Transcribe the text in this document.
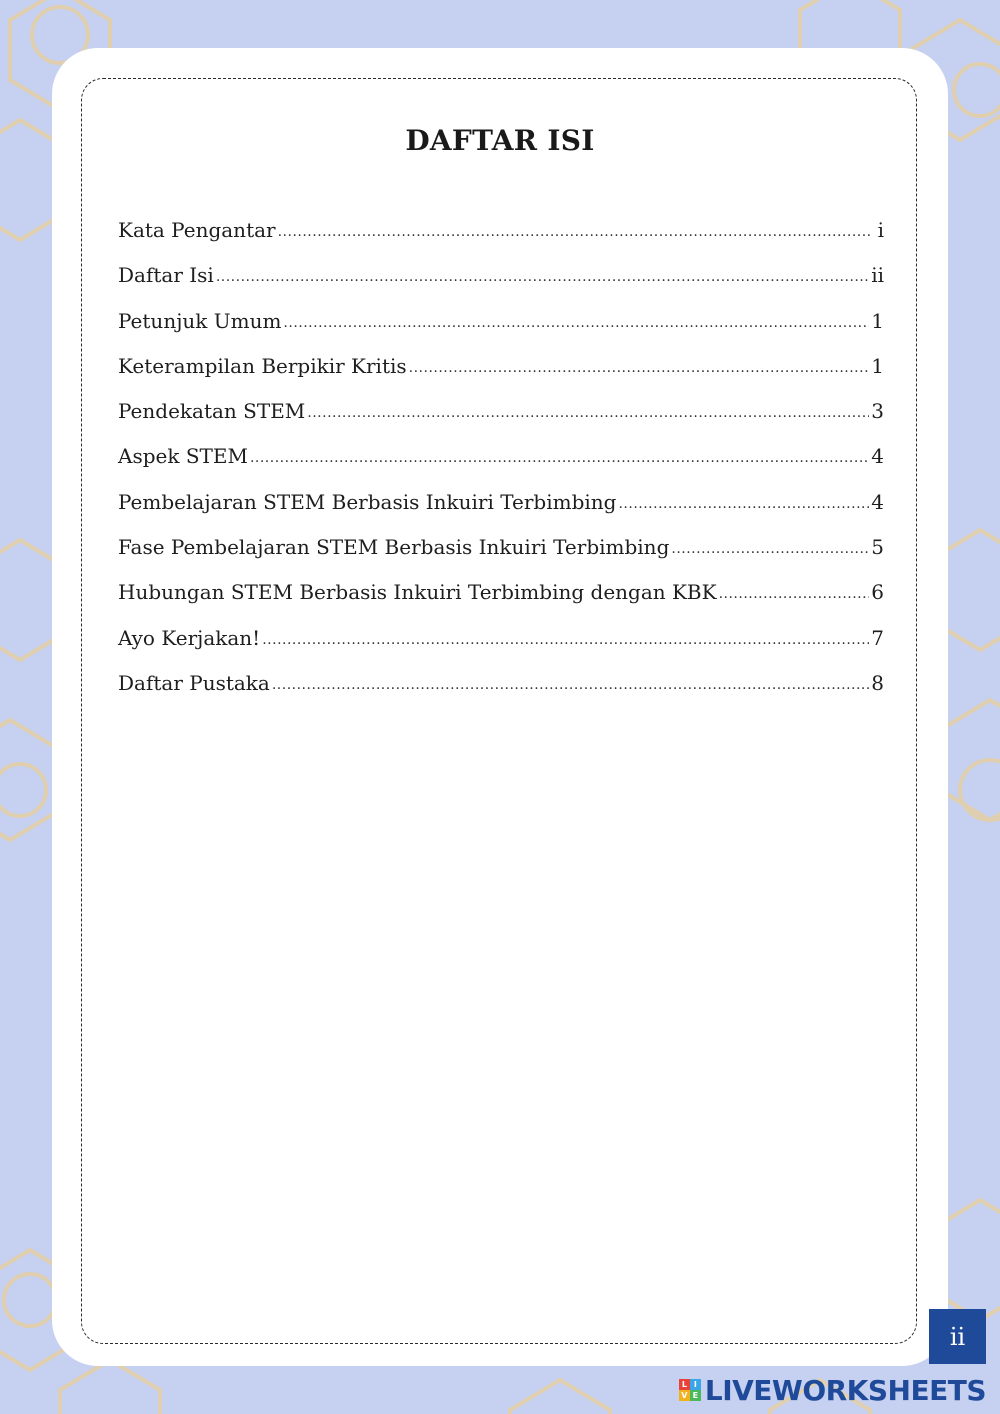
DAFTAR ISI
Kata Pengantar .....	i
Daftar Isi .....	ii
Petunjuk Umum .....	1
Keterampilan Berpikir Kritis .....	1
Pendekatan STEM .....	3
Aspek STEM .....	4
Pembelajaran STEM Berbasis Inkuiri Terbimbing .....	4
Fase Pembelajaran STEM Berbasis Inkuiri Terbimbing .....	5
Hubungan STEM Berbasis Inkuiri Terbimbing dengan KBK .....	6
Ayo Kerjakan! .....	7
Daftar Pustaka .....	8
ii
L I
V E LIVEWORKSHEETS
